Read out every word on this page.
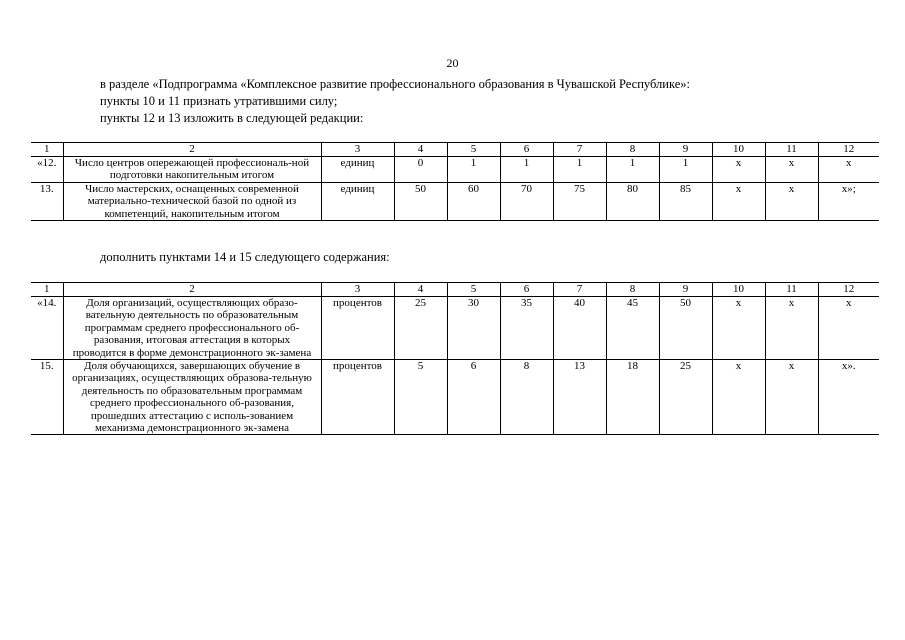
20
в разделе «Подпрограмма «Комплексное развитие профессионального образования в Чувашской Республике»:
пункты 10 и 11 признать утратившими силу;
пункты 12 и 13 изложить в следующей редакции:
1	2	3	4	5	6	7	8	9	10	11	12
«12.	Число центров опережающей профессиональ-ной подготовки накопительным итогом	единиц	0	1	1	1	1	1	х	х	х
13.	Число мастерских, оснащенных современной материально-технической базой по одной из компетенций, накопительным итогом	единиц	50	60	70	75	80	85	х	х	х»;
дополнить пунктами 14 и 15 следующего содержания:
1	2	3	4	5	6	7	8	9	10	11	12
«14.	Доля организаций, осуществляющих образо-вательную деятельность по образовательным программам среднего профессионального об-разования, итоговая аттестация в которых проводится в форме демонстрационного эк-замена	процентов	25	30	35	40	45	50	х	х	х
15.	Доля обучающихся, завершающих обучение в организациях, осуществляющих образова-тельную деятельность по образовательным программам среднего профессионального об-разования, прошедших аттестацию с исполь-зованием механизма демонстрационного эк-замена	процентов	5	6	8	13	18	25	х	х	х».
